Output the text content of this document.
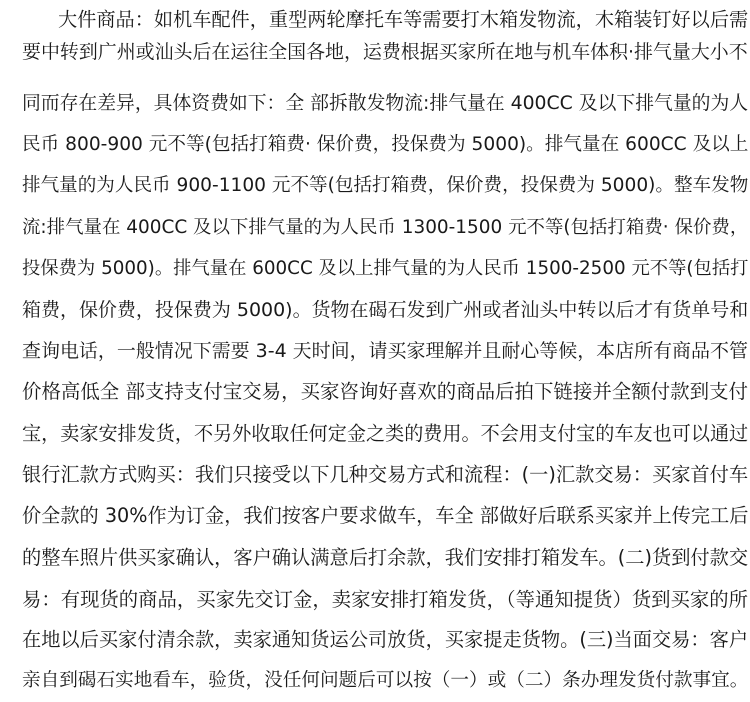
大件商品：如机车配件，重型两轮摩托车等需要打木箱发物流，木箱装钉好以后需
要中转到广州或汕头后在运往全国各地，运费根据买家所在地与机车体积·排气量大小不
同而存在差异，具体资费如下：全 部拆散发物流:排气量在 400CC 及以下排气量的为人
民币 800-900 元不等(包括打箱费· 保价费，投保费为 5000)。排气量在 600CC 及以上
排气量的为人民币 900-1100 元不等(包括打箱费，保价费，投保费为 5000)。整车发物
流:排气量在 400CC 及以下排气量的为人民币 1300-1500 元不等(包括打箱费· 保价费，
投保费为 5000)。排气量在 600CC 及以上排气量的为人民币 1500-2500 元不等(包括打
箱费，保价费，投保费为 5000)。货物在碣石发到广州或者汕头中转以后才有货单号和
查询电话，一般情况下需要 3-4 天时间，请买家理解并且耐心等候，本店所有商品不管
价格高低全 部支持支付宝交易，买家咨询好喜欢的商品后拍下链接并全额付款到支付
宝，卖家安排发货，不另外收取任何定金之类的费用。不会用支付宝的车友也可以通过
银行汇款方式购买：我们只接受以下几种交易方式和流程：(一)汇款交易：买家首付车
价全款的 30%作为订金，我们按客户要求做车，车全 部做好后联系买家并上传完工后
的整车照片供买家确认，客户确认满意后打余款，我们安排打箱发车。(二)货到付款交
易：有现货的商品，买家先交订金，卖家安排打箱发货，（等通知提货）货到买家的所
在地以后买家付清余款，卖家通知货运公司放货，买家提走货物。(三)当面交易：客户
亲自到碣石实地看车，验货，没任何问题后可以按（一）或（二）条办理发货付款事宜。
